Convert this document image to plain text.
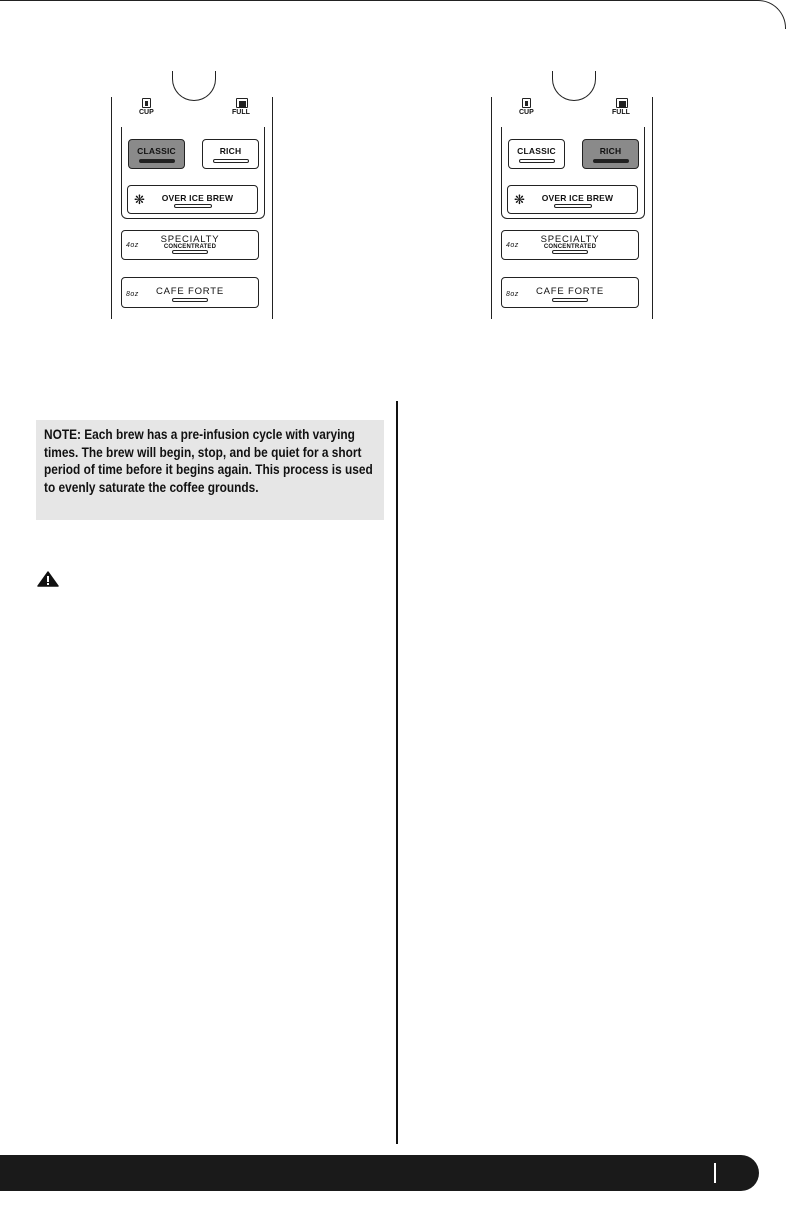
CUP	FULL
CLASSIC	RICH
❋	OVER ICE BREW
4oz
SPECIALTY
CONCENTRATED
8oz	CAFE FORTE
CUP	FULL
CLASSIC	RICH
❋	OVER ICE BREW
4oz
SPECIALTY
CONCENTRATED
8oz	CAFE FORTE
NOTE: Each brew has a pre-infusion cycle with varying times. The brew will begin, stop, and be quiet for a short period of time before it begins again. This process is used to evenly saturate the coffee grounds.
